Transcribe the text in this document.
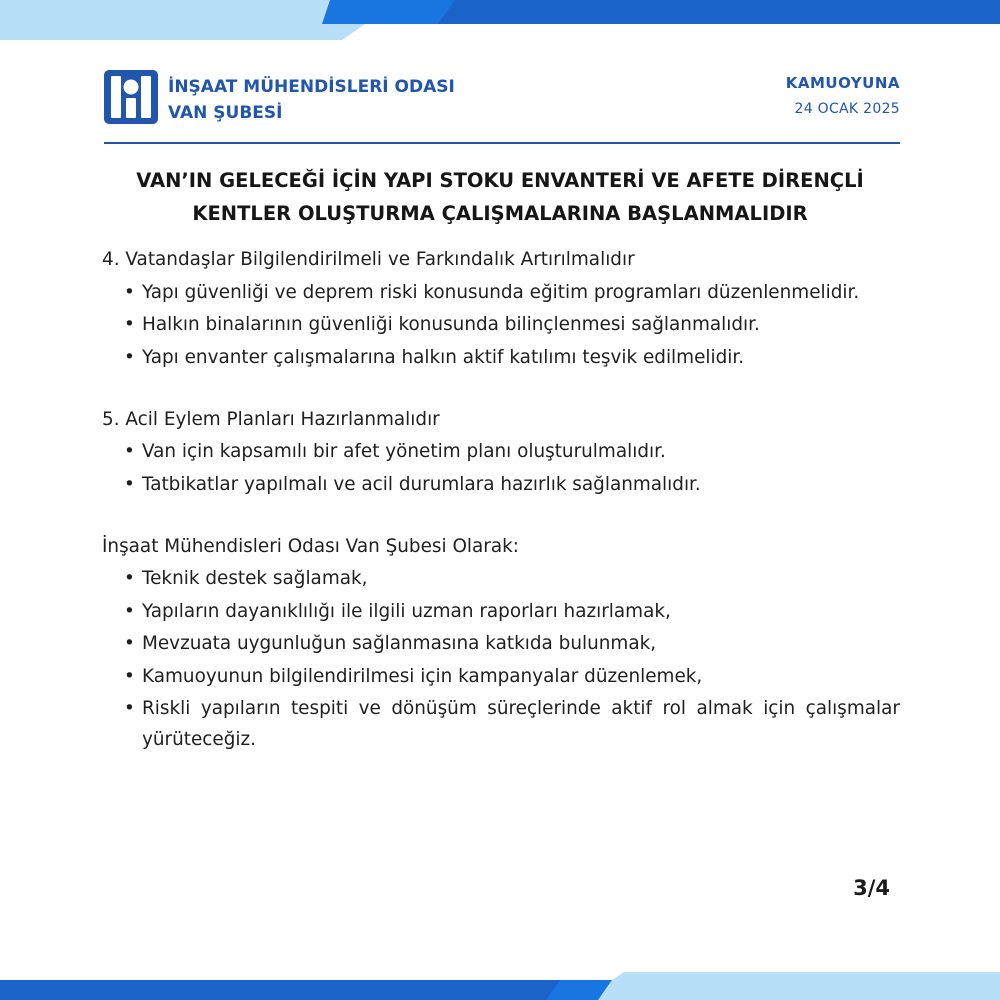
İNŞAAT MÜHENDİSLERİ ODASI
VAN ŞUBESİ
KAMUOYUNA
24 OCAK 2025
VAN’IN GELECEĞİ İÇİN YAPI STOKU ENVANTERİ VE AFETE DİRENÇLİ
KENTLER OLUŞTURMA ÇALIŞMALARINA BAŞLANMALIDIR

4. Vatandaşlar Bilgilendirilmeli ve Farkındalık Artırılmalıdır

• Yapı güvenliği ve deprem riski konusunda eğitim programları düzenlenmelidir.
• Halkın binalarının güvenliği konusunda bilinçlenmesi sağlanmalıdır.
• Yapı envanter çalışmalarına halkın aktif katılımı teşvik edilmelidir.

5. Acil Eylem Planları Hazırlanmalıdır

• Van için kapsamılı bir afet yönetim planı oluşturulmalıdır.
• Tatbikatlar yapılmalı ve acil durumlara hazırlık sağlanmalıdır.

İnşaat Mühendisleri Odası Van Şubesi Olarak:

• Teknik destek sağlamak,
• Yapıların dayanıklılığı ile ilgili uzman raporları hazırlamak,
• Mevzuata uygunluğun sağlanmasına katkıda bulunmak,
• Kamuoyunun bilgilendirilmesi için kampanyalar düzenlemek,
• Riskli yapıların tespiti ve dönüşüm süreçlerinde aktif rol almak için çalışmalar yürüteceğiz.
3/4
